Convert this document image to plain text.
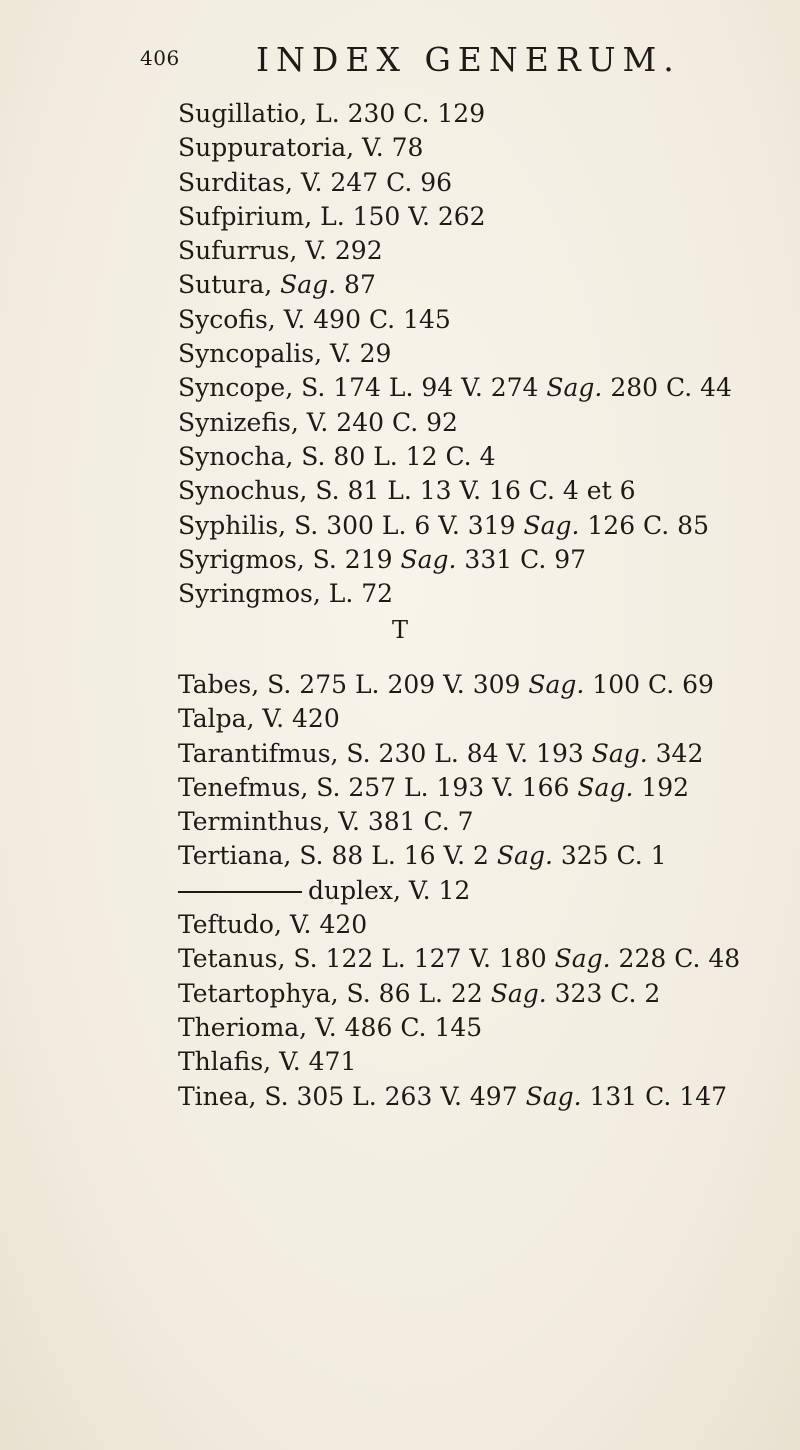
406 INDEX GENERUM.
Sugillatio, L. 230 C. 129
Suppuratoria, V. 78
Surditas, V. 247 C. 96
Sufpirium, L. 150 V. 262
Sufurrus, V. 292
Sutura, Sag. 87
Sycofis, V. 490 C. 145
Syncopalis, V. 29
Syncope, S. 174 L. 94 V. 274 Sag. 280 C. 44
Synizefis, V. 240 C. 92
Synocha, S. 80 L. 12 C. 4
Synochus, S. 81 L. 13 V. 16 C. 4 et 6
Syphilis, S. 300 L. 6 V. 319 Sag. 126 C. 85
Syrigmos, S. 219 Sag. 331 C. 97
Syringmos, L. 72
T
Tabes, S. 275 L. 209 V. 309 Sag. 100 C. 69
Talpa, V. 420
Tarantifmus, S. 230 L. 84 V. 193 Sag. 342
Tenefmus, S. 257 L. 193 V. 166 Sag. 192
Terminthus, V. 381 C. 7
Tertiana, S. 88 L. 16 V. 2 Sag. 325 C. 1
duplex, V. 12
Teftudo, V. 420
Tetanus, S. 122 L. 127 V. 180 Sag. 228 C. 48
Tetartophya, S. 86 L. 22 Sag. 323 C. 2
Therioma, V. 486 C. 145
Thlafis, V. 471
Tinea, S. 305 L. 263 V. 497 Sag. 131 C. 147
